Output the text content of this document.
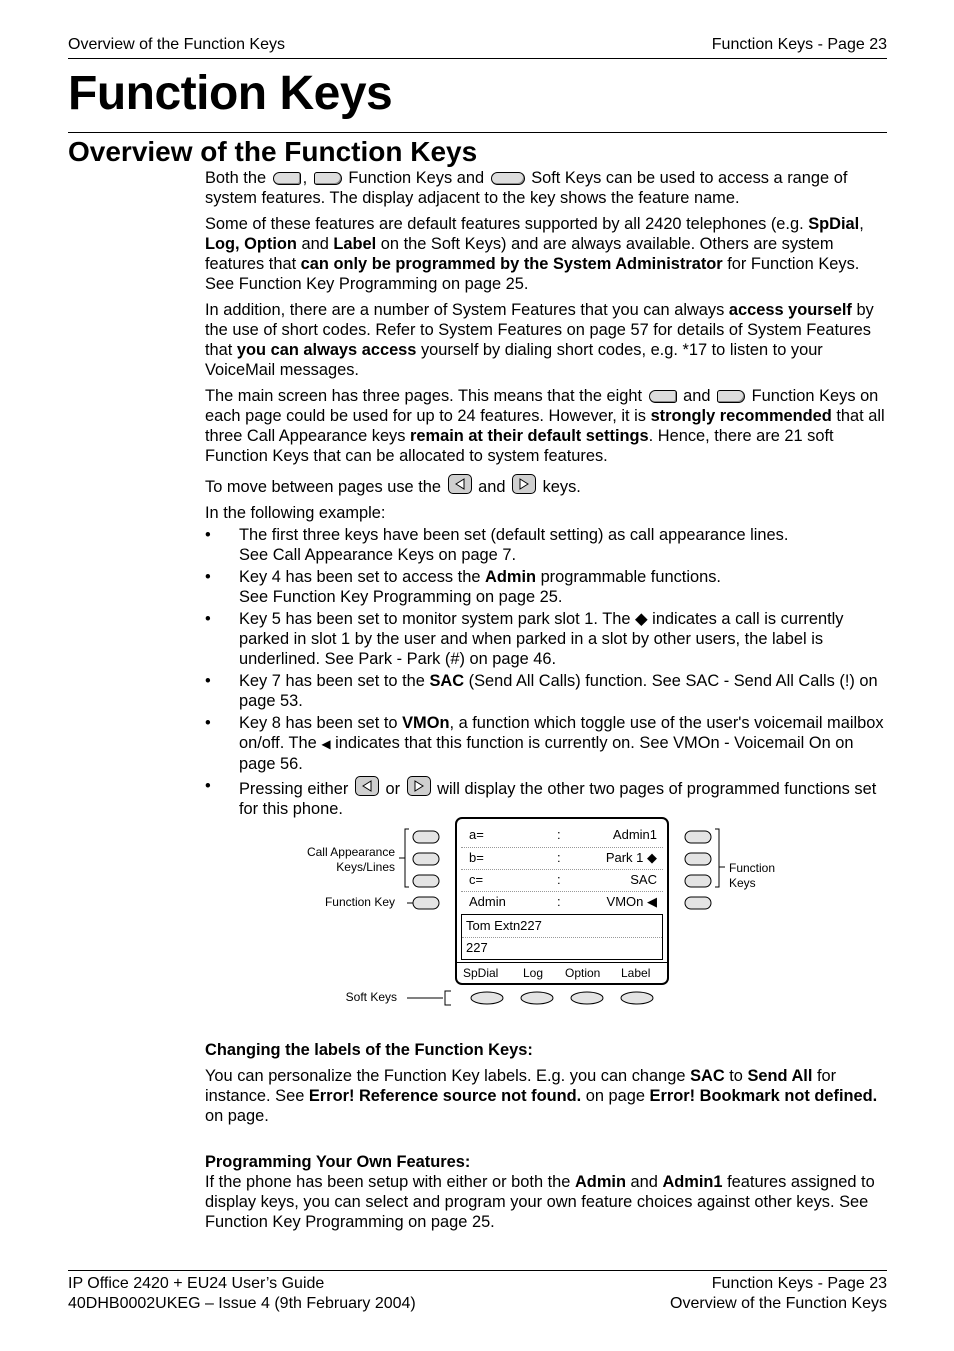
Overview of the Function Keys	Function Keys - Page 23
Function Keys
Overview of the Function Keys

Both the ,	Function Keys and	Soft Keys can be used to access a range of system features. The display adjacent to the key shows the feature name.

Some of these features are default features supported by all 2420 telephones (e.g. SpDial, Log, Option and Label on the Soft Keys) and are always available. Others are system features that can only be programmed by the System Administrator for Function Keys. See Function Key Programming on page 25.

In addition, there are a number of System Features that you can always access yourself by the use of short codes. Refer to System Features on page 57 for details of System Features that you can always access yourself by dialing short codes, e.g. *17 to listen to your VoiceMail messages.

The main screen has three pages. This means that the eight	and	Function Keys on each page could be used for up to 24 features. However, it is strongly recommended that all three Call Appearance keys remain at their default settings. Hence, there are 21 soft Function Keys that can be allocated to system features.

To move between pages use the and keys.

In the following example:

• The first three keys have been set (default setting) as call appearance lines.
See Call Appearance Keys on page 7.
• Key 4 has been set to access the Admin programmable functions.
See Function Key Programming on page 25.
• Key 5 has been set to monitor system park slot 1. The ◆ indicates a call is currently parked in slot 1 by the user and when parked in a slot by other users, the label is underlined. See Park - Park (#) on page 46.
• Key 7 has been set to the SAC (Send All Calls) function. See SAC - Send All Calls (!) on page 53.
• Key 8 has been set to VMOn, a function which toggle use of the user's voicemail mailbox on/off. The ◀ indicates that this function is currently on. See VMOn - Voicemail On on page 56.
• Pressing either or will display the other two pages of programmed functions set for this phone.
Call Appearance
Keys/Lines
Function Key
Function
Keys
Soft Keys
a=	:	Admin1
b=	:	Park 1 ◆
c=	:	SAC
Admin	:	VMOn ◀
Tom Extn227
227
SpDial Log Option Label
Changing the labels of the Function Keys:
You can personalize the Function Key labels. E.g. you can change SAC to Send All for instance. See Error! Reference source not found. on page Error! Bookmark not defined. on page.
Programming Your Own Features:
If the phone has been setup with either or both the Admin and Admin1 features assigned to display keys, you can select and program your own feature choices against other keys. See Function Key Programming on page 25.
IP Office 2420 + EU24 User’s Guide
40DHB0002UKEG – Issue 4 (9th February 2004)
Function Keys - Page 23
Overview of the Function Keys
